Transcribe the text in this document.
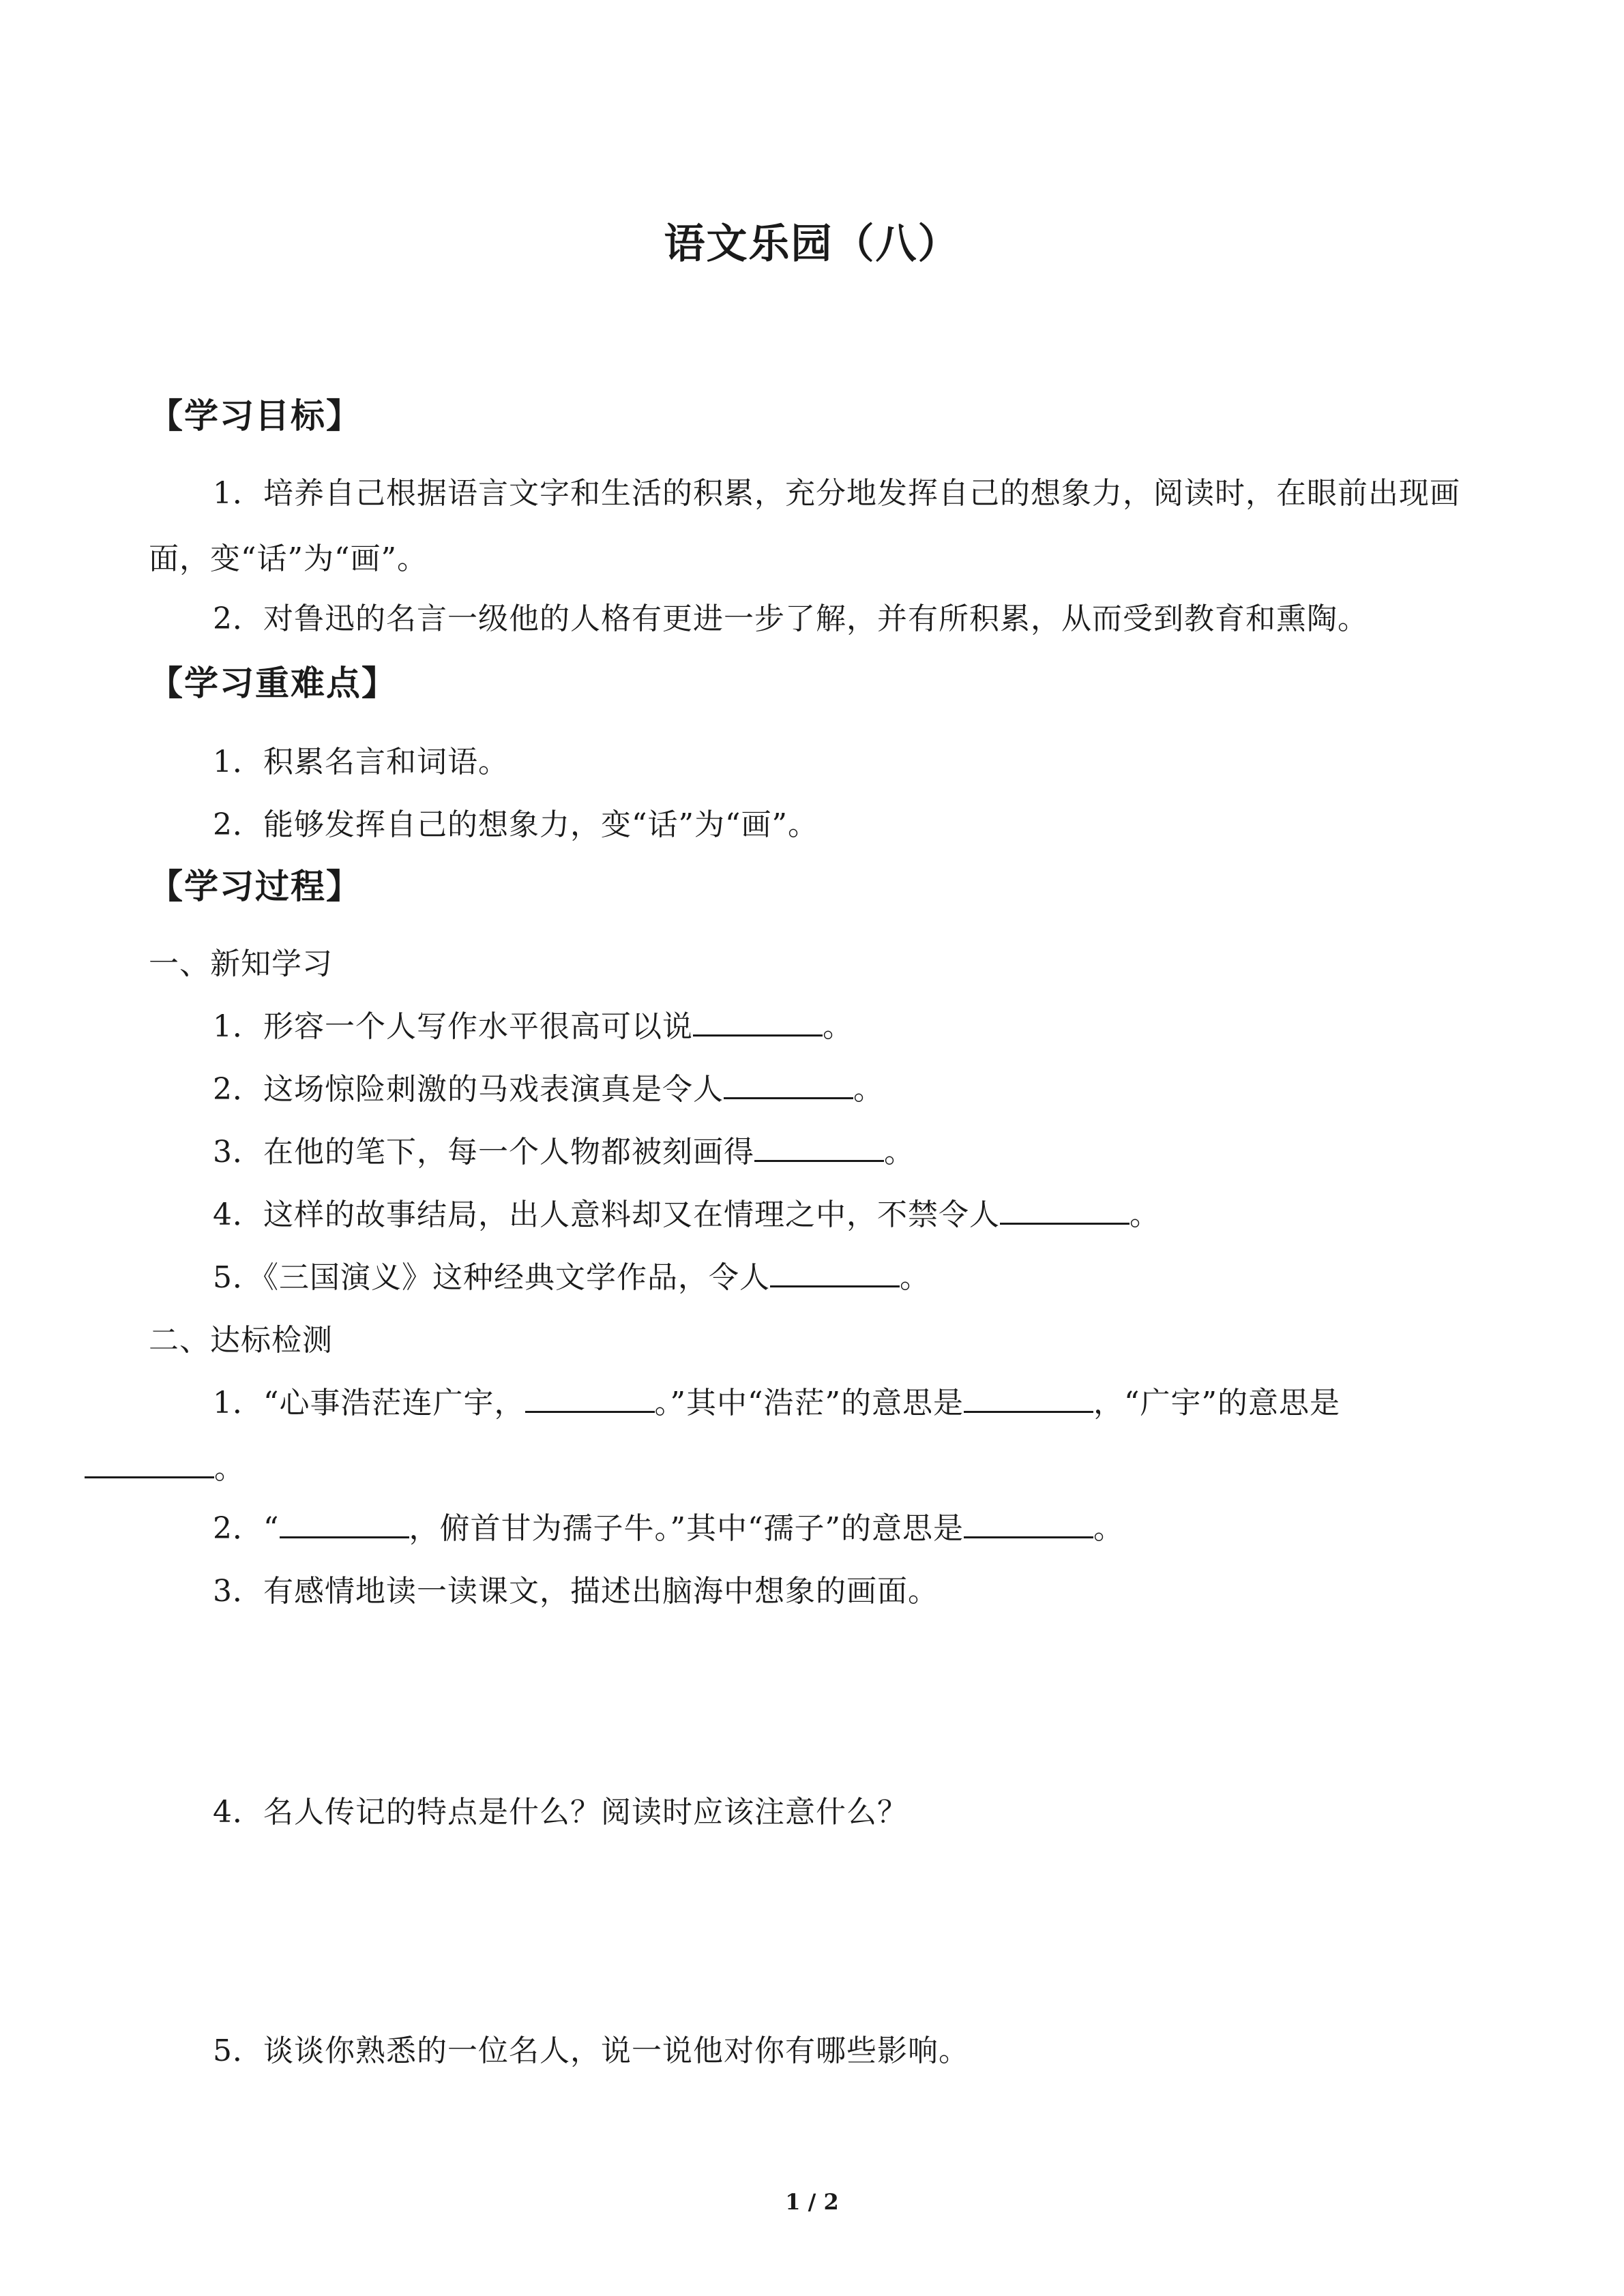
语文乐园（八）
【学习目标】
1．培养自己根据语言文字和生活的积累，充分地发挥自己的想象力，阅读时，在眼前出现画面，变“话”为“画”。
2．对鲁迅的名言一级他的人格有更进一步了解，并有所积累，从而受到教育和熏陶。
【学习重难点】
1．积累名言和词语。
2．能够发挥自己的想象力，变“话”为“画”。
【学习过程】
一、新知学习
1．形容一个人写作水平很高可以说	。
2．这场惊险刺激的马戏表演真是令人	。
3．在他的笔下，每一个人物都被刻画得	。
4．这样的故事结局，出人意料却又在情理之中，不禁令人	。
5．《三国演义》这种经典文学作品，令人	。
二、达标检测
1．“心事浩茫连广宇，	。”其中“浩茫”的意思是	，“广宇”的意思是
。
2．“	，俯首甘为孺子牛。”其中“孺子”的意思是	。
3．有感情地读一读课文，描述出脑海中想象的画面。
4．名人传记的特点是什么？阅读时应该注意什么？
5．谈谈你熟悉的一位名人，说一说他对你有哪些影响。
1 / 2
